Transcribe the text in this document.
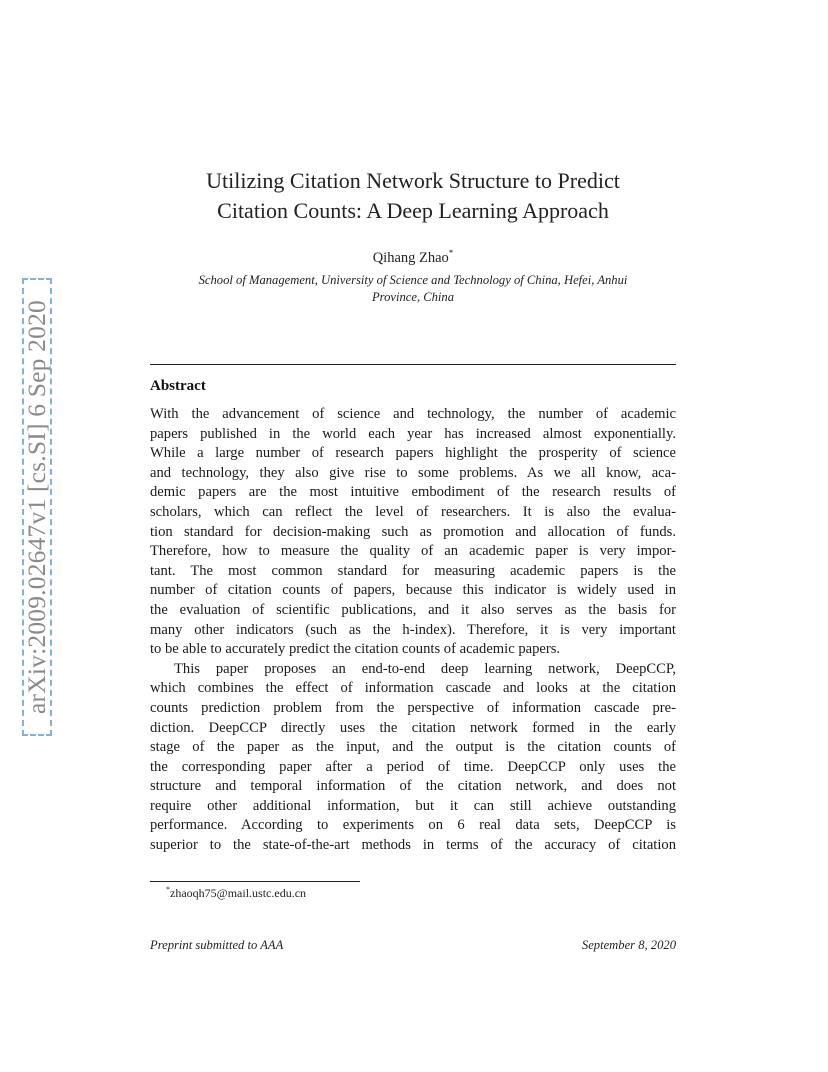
arXiv:2009.02647v1 [cs.SI] 6 Sep 2020
Utilizing Citation Network Structure to Predict
Citation Counts: A Deep Learning Approach
Qihang Zhao*
School of Management, University of Science and Technology of China, Hefei, Anhui
Province, China
Abstract
With the advancement of science and technology, the number of academic
papers published in the world each year has increased almost exponentially.
While a large number of research papers highlight the prosperity of science
and technology, they also give rise to some problems. As we all know, aca-
demic papers are the most intuitive embodiment of the research results of
scholars, which can reflect the level of researchers. It is also the evalua-
tion standard for decision-making such as promotion and allocation of funds.
Therefore, how to measure the quality of an academic paper is very impor-
tant. The most common standard for measuring academic papers is the
number of citation counts of papers, because this indicator is widely used in
the evaluation of scientific publications, and it also serves as the basis for
many other indicators (such as the h-index). Therefore, it is very important
to be able to accurately predict the citation counts of academic papers.
This paper proposes an end-to-end deep learning network, DeepCCP,
which combines the effect of information cascade and looks at the citation
counts prediction problem from the perspective of information cascade pre-
diction. DeepCCP directly uses the citation network formed in the early
stage of the paper as the input, and the output is the citation counts of
the corresponding paper after a period of time. DeepCCP only uses the
structure and temporal information of the citation network, and does not
require other additional information, but it can still achieve outstanding
performance. According to experiments on 6 real data sets, DeepCCP is
superior to the state-of-the-art methods in terms of the accuracy of citation
*zhaoqh75@mail.ustc.edu.cn
Preprint submitted to AAA	September 8, 2020
